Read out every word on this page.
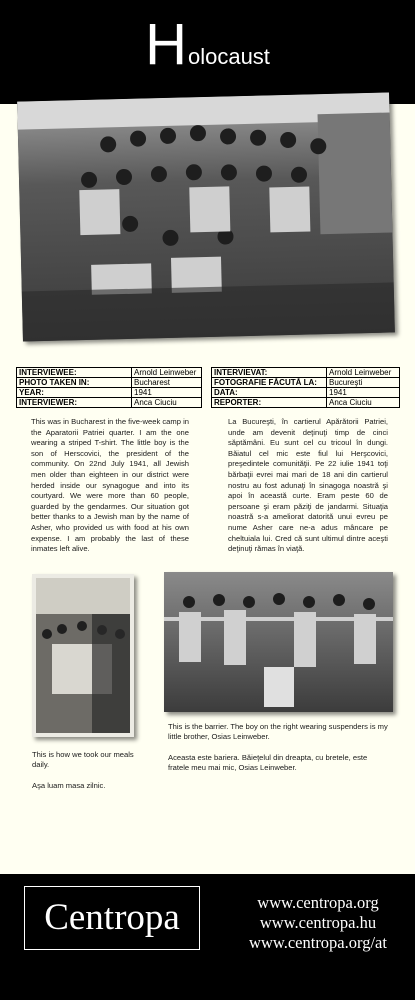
Holocaust
INTERVIEWEE:	Arnold Leinweber
PHOTO TAKEN IN:	Bucharest
YEAR:	1941
INTERVIEWER:	Anca Ciuciu
INTERVIEVAT:	Arnold Leinweber
FOTOGRAFIE FĂCUTĂ LA:	Bucureşti
DATA:	1941
REPORTER:	Anca Ciuciu
This was in Bucharest in the five-week camp in the Aparatorii Patriei quarter. I am the one wearing a striped T-shirt. The little boy is the son of Herscovici, the president of the community. On 22nd July 1941, all Jewish men older than eighteen in our district were herded inside our synagogue and into its courtyard. We were more than 60 people, guarded by the gendarmes. Our situation got better thanks to a Jewish man by the name of Asher, who provided us with food at his own expense. I am probably the last of these inmates left alive.
La Bucureşti, în cartierul Apărătorii Patriei, unde am devenit deţinuţi timp de cinci săptămâni. Eu sunt cel cu tricoul în dungi. Băiatul cel mic este fiul lui Herşcovici, preşedintele comunităţii. Pe 22 iulie 1941 toţi bărbaţii evrei mai mari de 18 ani din cartierul nostru au fost adunaţi în sinagoga noastră şi apoi în această curte. Eram peste 60 de persoane şi eram păziţi de jandarmi. Situaţia noastră s-a ameliorat datorită unui evreu pe nume Asher care ne-a adus mâncare pe cheltuiala lui. Cred că sunt ultimul dintre aceşti deţinuţi rămas în viaţă.
This is how we took our meals daily.
Aşa luam masa zilnic.
This is the barrier. The boy on the right wearing suspenders is my little brother, Osias Leinweber.
Aceasta este bariera. Băieţelul din dreapta, cu bretele, este fratele meu mai mic, Osias Leinweber.
Centropa	www.centropa.org
www.centropa.hu
www.centropa.org/at
